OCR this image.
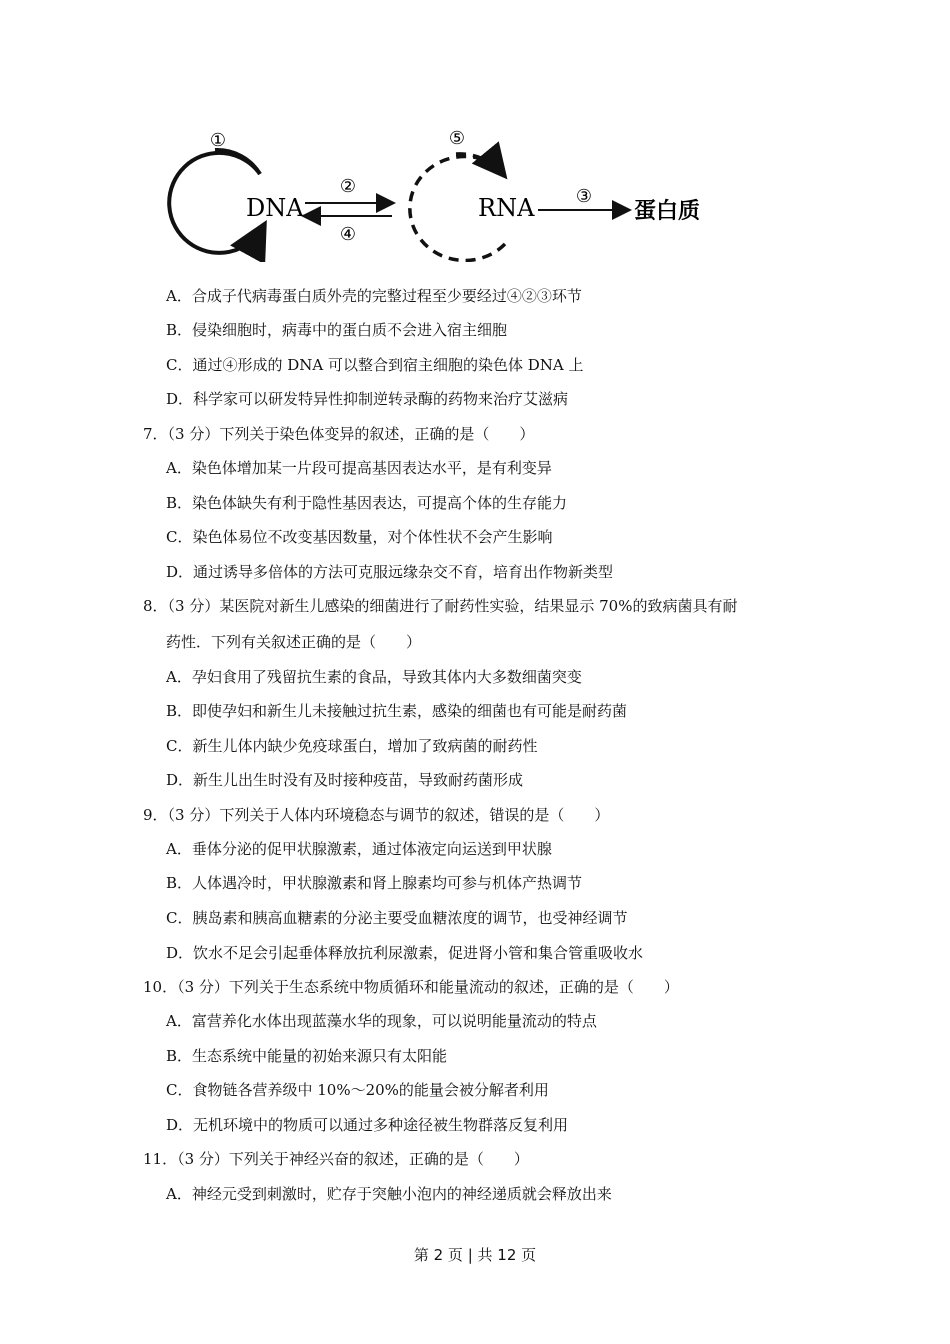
①
DNA
②
④
⑤
RNA ③
蛋白质
A．合成子代病毒蛋白质外壳的完整过程至少要经过④②③环节
B．侵染细胞时，病毒中的蛋白质不会进入宿主细胞
C．通过④形成的 DNA 可以整合到宿主细胞的染色体 DNA 上
D．科学家可以研发特异性抑制逆转录酶的药物来治疗艾滋病
7．（3 分）下列关于染色体变异的叙述，正确的是（　　）
A．染色体增加某一片段可提高基因表达水平，是有利变异
B．染色体缺失有利于隐性基因表达，可提高个体的生存能力
C．染色体易位不改变基因数量，对个体性状不会产生影响
D．通过诱导多倍体的方法可克服远缘杂交不育，培育出作物新类型
8．（3 分）某医院对新生儿感染的细菌进行了耐药性实验，结果显示 70%的致病菌具有耐
药性．下列有关叙述正确的是（　　）
A．孕妇食用了残留抗生素的食品，导致其体内大多数细菌突变
B．即使孕妇和新生儿未接触过抗生素，感染的细菌也有可能是耐药菌
C．新生儿体内缺少免疫球蛋白，增加了致病菌的耐药性
D．新生儿出生时没有及时接种疫苗，导致耐药菌形成
9．（3 分）下列关于人体内环境稳态与调节的叙述，错误的是（　　）
A．垂体分泌的促甲状腺激素，通过体液定向运送到甲状腺
B．人体遇冷时，甲状腺激素和肾上腺素均可参与机体产热调节
C．胰岛素和胰高血糖素的分泌主要受血糖浓度的调节，也受神经调节
D．饮水不足会引起垂体释放抗利尿激素，促进肾小管和集合管重吸收水
10．（3 分）下列关于生态系统中物质循环和能量流动的叙述，正确的是（　　）
A．富营养化水体出现蓝藻水华的现象，可以说明能量流动的特点
B．生态系统中能量的初始来源只有太阳能
C．食物链各营养级中 10%～20%的能量会被分解者利用
D．无机环境中的物质可以通过多种途径被生物群落反复利用
11．（3 分）下列关于神经兴奋的叙述，正确的是（　　）
A．神经元受到刺激时，贮存于突触小泡内的神经递质就会释放出来
第 2 页 | 共 12 页
